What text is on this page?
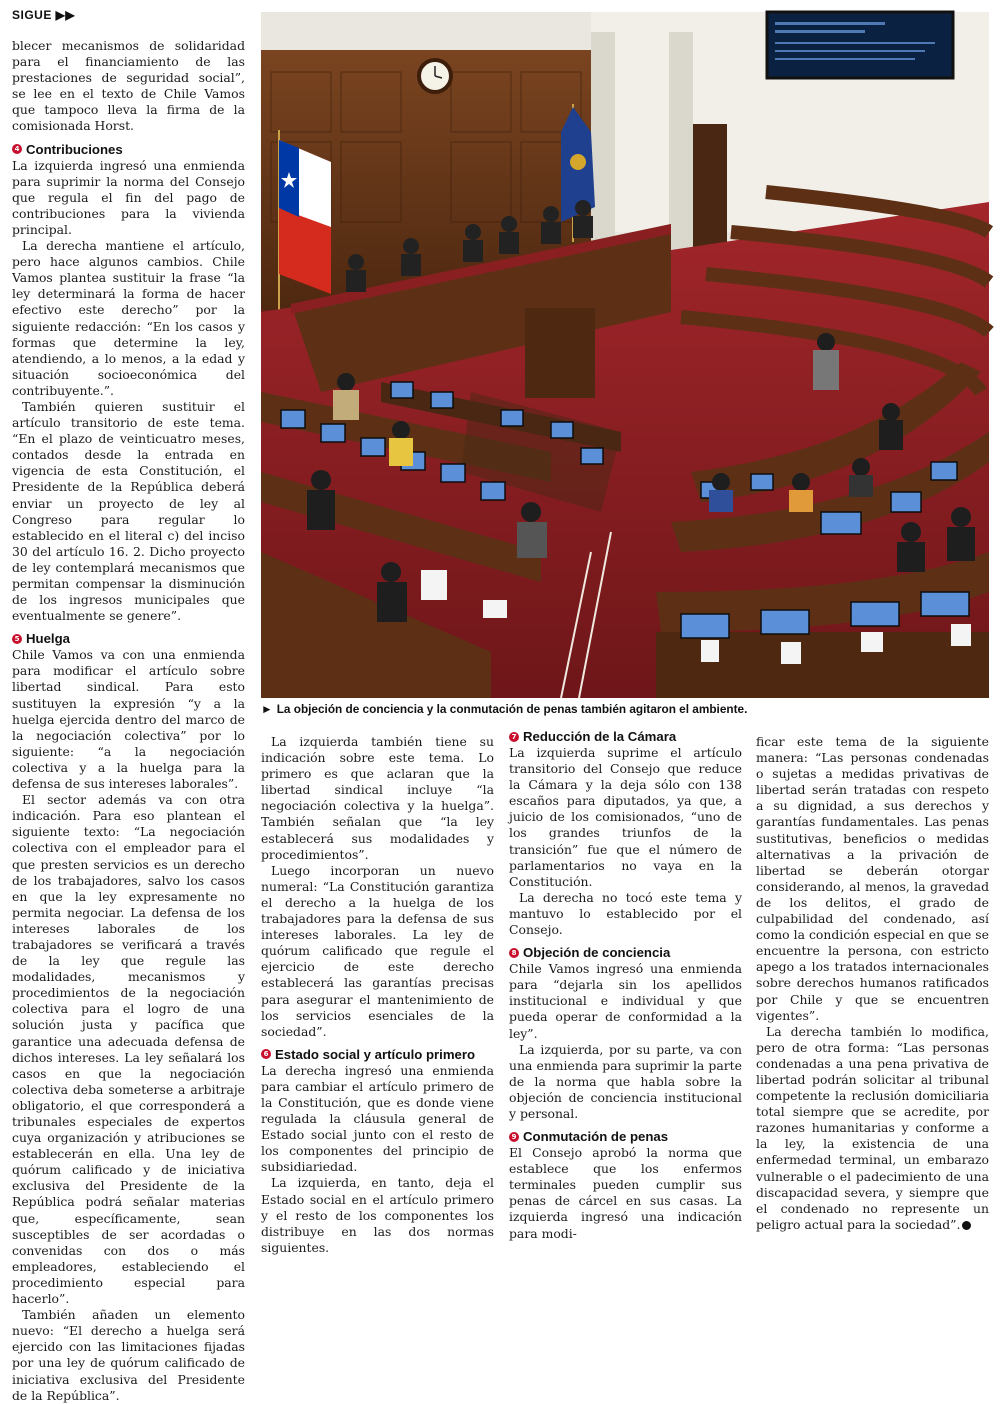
SIGUE ▶▶

blecer mecanismos de solidaridad para el financiamiento de las prestaciones de seguridad social”, se lee en el texto de Chile Vamos que tampoco lleva la firma de la comisionada Horst.

4 Contribuciones

La izquierda ingresó una enmienda para suprimir la norma del Consejo que regula el fin del pago de contribuciones para la vivienda principal.

La derecha mantiene el artículo, pero hace algunos cambios. Chile Vamos plantea sustituir la frase “la ley determinará la forma de hacer efectivo este derecho” por la siguiente redacción: “En los casos y formas que determine la ley, atendiendo, a lo menos, a la edad y situación socioeconómica del contribuyente.”.

También quieren sustituir el artículo transitorio de este tema. “En el plazo de veinticuatro meses, contados desde la entrada en vigencia de esta Constitución, el Presidente de la República deberá enviar un proyecto de ley al Congreso para regular lo establecido en el literal c) del inciso 30 del artículo 16. 2. Dicho proyecto de ley contemplará mecanismos que permitan compensar la disminución de los ingresos municipales que eventualmente se genere”.

5 Huelga

Chile Vamos va con una enmienda para modificar el artículo sobre libertad sindical. Para esto sustituyen la expresión “y a la huelga ejercida dentro del marco de la negociación colectiva” por lo siguiente: “a la negociación colectiva y a la huelga para la defensa de sus intereses laborales”.

El sector además va con otra indicación. Para eso plantean el siguiente texto: “La negociación colectiva con el empleador para el que presten servicios es un derecho de los trabajadores, salvo los casos en que la ley expresamente no permita negociar. La defensa de los intereses laborales de los trabajadores se verificará a través de la ley que regule las modalidades, mecanismos y procedimientos de la negociación colectiva para el logro de una solución justa y pacífica que garantice una adecuada defensa de dichos intereses. La ley señalará los casos en que la negociación colectiva deba someterse a arbitraje obligatorio, el que corresponderá a tribunales especiales de expertos cuya organización y atribuciones se establecerán en ella. Una ley de quórum calificado y de iniciativa exclusiva del Presidente de la República podrá señalar materias que, específicamente, sean susceptibles de ser acordadas o convenidas con dos o más empleadores, estableciendo el procedimiento especial para hacerlo”.

También añaden un elemento nuevo: “El derecho a huelga será ejercido con las limitaciones fijadas por una ley de quórum calificado de iniciativa exclusiva del Presidente de la República”.

► La objeción de conciencia y la conmutación de penas también agitaron el ambiente.

La izquierda también tiene su indicación sobre este tema. Lo primero es que aclaran que la libertad sindical incluye “la negociación colectiva y la huelga”. También señalan que “la ley establecerá sus modalidades y procedimientos”.

Luego incorporan un nuevo numeral: “La Constitución garantiza el derecho a la huelga de los trabajadores para la defensa de sus intereses laborales. La ley de quórum calificado que regule el ejercicio de este derecho establecerá las garantías precisas para asegurar el mantenimiento de los servicios esenciales de la sociedad”.

6 Estado social y artículo primero

La derecha ingresó una enmienda para cambiar el artículo primero de la Constitución, que es donde viene regulada la cláusula general de Estado social junto con el resto de los componentes del principio de subsidiariedad.

La izquierda, en tanto, deja el Estado social en el artículo primero y el resto de los componentes los distribuye en las dos normas siguientes.

7 Reducción de la Cámara

La izquierda suprime el artículo transitorio del Consejo que reduce la Cámara y la deja sólo con 138 escaños para diputados, ya que, a juicio de los comisionados, “uno de los grandes triunfos de la transición” fue que el número de parlamentarios no vaya en la Constitución.

La derecha no tocó este tema y mantuvo lo establecido por el Consejo.

8 Objeción de conciencia

Chile Vamos ingresó una enmienda para “dejarla sin los apellidos institucional e individual y que pueda operar de conformidad a la ley”.

La izquierda, por su parte, va con una enmienda para suprimir la parte de la norma que habla sobre la objeción de conciencia institucional y personal.

9 Conmutación de penas

El Consejo aprobó la norma que establece que los enfermos terminales pueden cumplir sus penas de cárcel en sus casas. La izquierda ingresó una indicación para modi-

ficar este tema de la siguiente manera: “Las personas condenadas o sujetas a medidas privativas de libertad serán tratadas con respeto a su dignidad, a sus derechos y garantías fundamentales. Las penas sustitutivas, beneficios o medidas alternativas a la privación de libertad se deberán otorgar considerando, al menos, la gravedad de los delitos, el grado de culpabilidad del condenado, así como la condición especial en que se encuentre la persona, con estricto apego a los tratados internacionales sobre derechos humanos ratificados por Chile y que se encuentren vigentes”.

La derecha también lo modifica, pero de otra forma: “Las personas condenadas a una pena privativa de libertad podrán solicitar al tribunal competente la reclusión domiciliaria total siempre que se acredite, por razones humanitarias y conforme a la ley, la existencia de una enfermedad terminal, un embarazo vulnerable o el padecimiento de una discapacidad severa, y siempre que el condenado no represente un peligro actual para la sociedad”.
